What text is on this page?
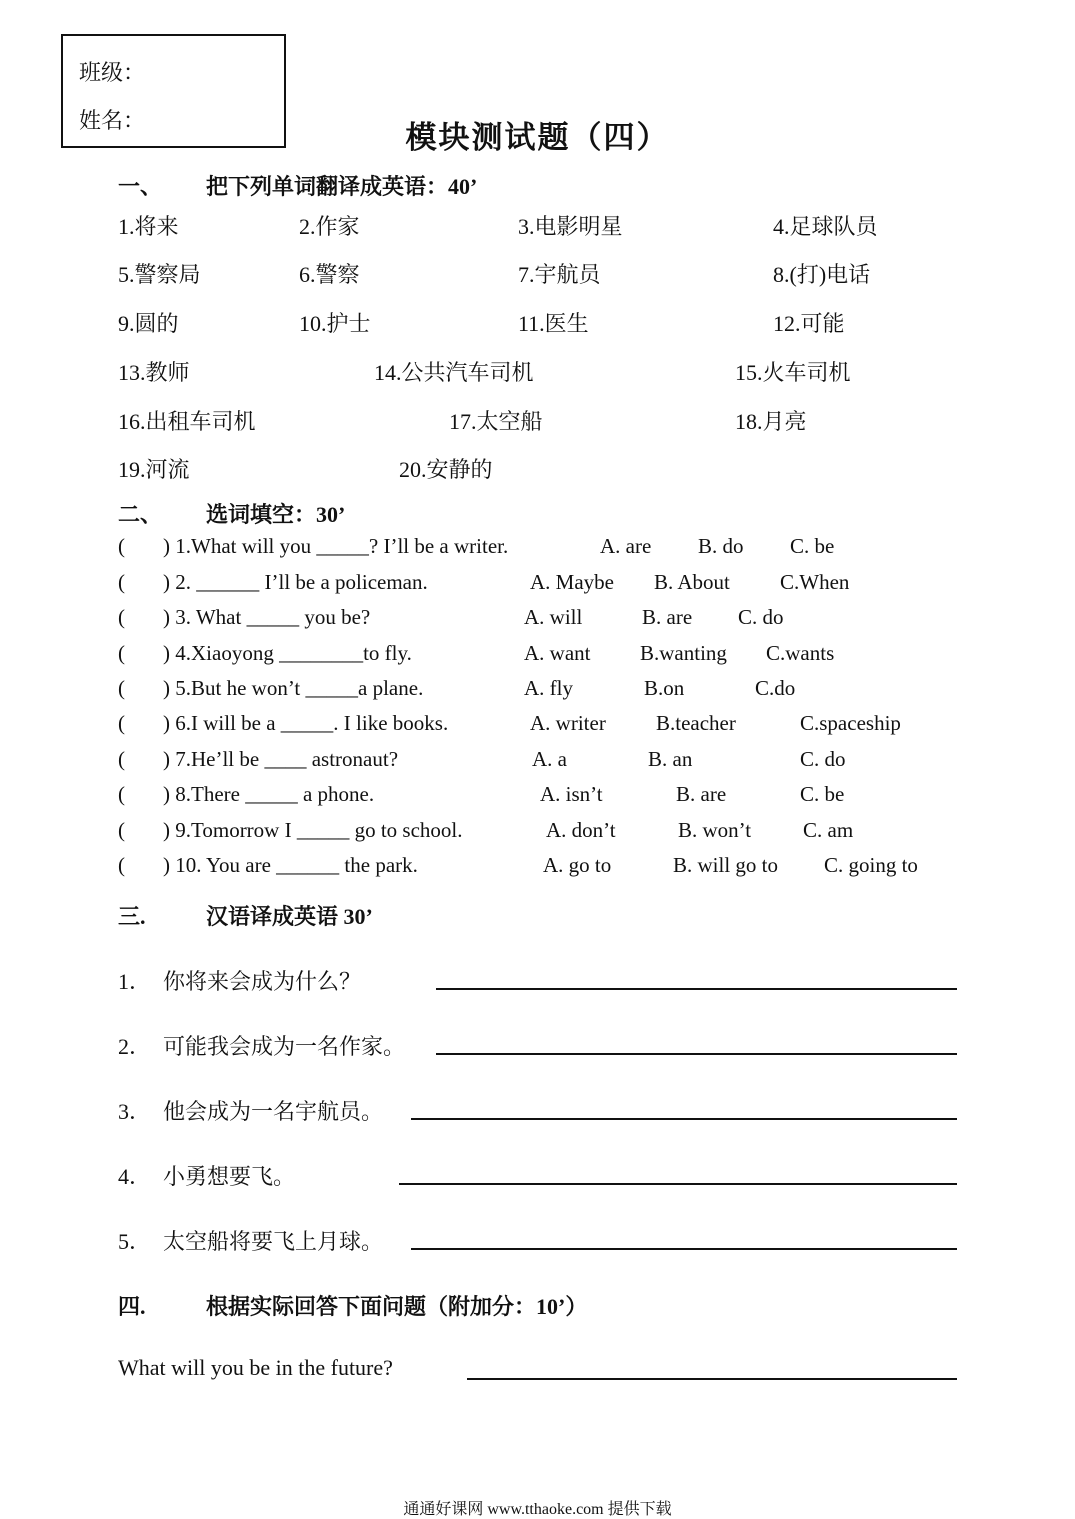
班级：
姓名：	模块测试题（四）
一、 把下列单词翻译成英语：40’
1.将来	2.作家	3.电影明星	4.足球队员
5.警察局	6.警察	7.宇航员	8.(打)电话
9.圆的	10.护士	11.医生	12.可能
13.教师	14.公共汽车司机	15.火车司机
16.出租车司机	17.太空船	18.月亮
19.河流	20.安静的
二、 选词填空：30’
( ) 1.What will you _____? I’ll be a writer.	A. are B. do C. be
( ) 2. ______ I’ll be a policeman.	A. Maybe B. About C.When
( ) 3. What _____ you be?	A. will	B. are C. do
( ) 4.Xiaoyong ________to fly.	A. want B.wanting C.wants
( ) 5.But he won’t _____a plane.	A. fly	B.on	C.do
( ) 6.I will be a _____. I like books.	A. writer B.teacher	C.spaceship
( ) 7.He’ll be ____ astronaut?	A. a	B. an	C. do
( ) 8.There _____ a phone.	A. isn’t	B. are	C. be
( ) 9.Tomorrow I _____ go to school.	A. don’t	B. won’t C. am
( ) 10. You are ______ the park.	A. go to	B. will go to C. going to
三.	汉语译成英语 30’
1． 你将来会成为什么？
2． 可能我会成为一名作家。
3． 他会成为一名宇航员。
4． 小勇想要飞。
5． 太空船将要飞上月球。
四.	根据实际回答下面问题（附加分：10’）
What will you be in the future?
通通好课网 www.tthaoke.com 提供下载
